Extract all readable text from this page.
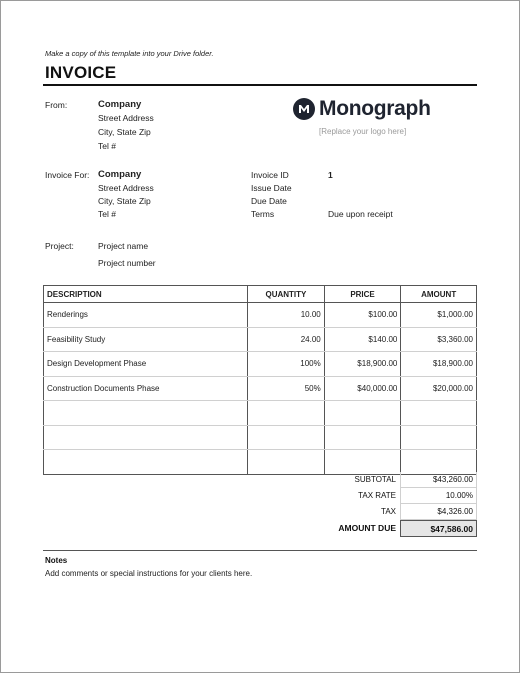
Make a copy of this template into your Drive folder.
INVOICE
From:	Company
Street Address
City, State Zip
Tel #
Monograph
[Replace your logo here]
Invoice For: Company
Street Address
City, State Zip
Tel #
Invoice ID	1
Issue Date
Due Date
Terms	Due upon receipt
Project:	Project name
Project number
DESCRIPTION	QUANTITY	PRICE	AMOUNT
Renderings	10.00	$100.00	$1,000.00
Feasibility Study	24.00	$140.00	$3,360.00
Design Development Phase	100%	$18,900.00	$18,900.00
Construction Documents Phase	50%	$40,000.00	$20,000.00

SUBTOTAL	$43,260.00
TAX RATE	10.00%
TAX	$4,326.00
AMOUNT DUE	$47,586.00
Notes
Add comments or special instructions for your clients here.
